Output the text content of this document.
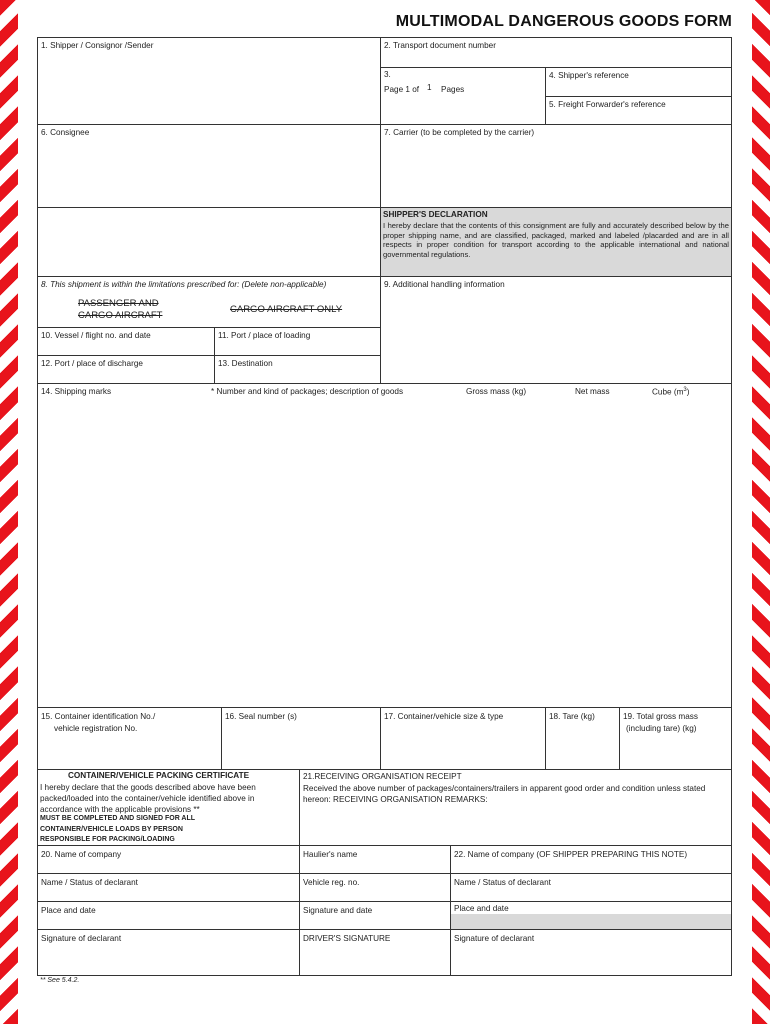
MULTIMODAL DANGEROUS GOODS FORM
1. Shipper / Consignor /Sender	2. Transport document number
3.
Page 1 of 1 Pages
4. Shipper's reference
5. Freight Forwarder's reference
6. Consignee	7. Carrier (to be completed by the carrier)
SHIPPER'S DECLARATION
I hereby declare that the contents of this consignment are fully and accurately described below by the proper shipping name, and are classified, packaged, marked and labeled /placarded and are in all respects in proper condition for transport according to the applicable international and national governmental regulations.
8. This shipment is within the limitations prescribed for: (Delete non-applicable)
PASSENGER AND
CARGO AIRCRAFT
CARGO AIRCRAFT ONLY
9. Additional handling information
10. Vessel / flight no. and date	11. Port / place of loading
12. Port / place of discharge	13. Destination
14. Shipping marks	* Number and kind of packages; description of goods	Gross mass (kg)	Net mass	Cube $(m^3)$
15. Container identification No./
vehicle registration No.
16. Seal number (s)	17. Container/vehicle size & type	18. Tare (kg)	19. Total gross mass
(including tare) (kg)
CONTAINER/VEHICLE PACKING CERTIFICATE
I hereby declare that the goods described above have been packed/loaded into the container/vehicle identified above in accordance with the applicable provisions **
MUST BE COMPLETED AND SIGNED FOR ALL CONTAINER/VEHICLE LOADS BY PERSON RESPONSIBLE FOR PACKING/LOADING
21.RECEIVING ORGANISATION RECEIPT
Received the above number of packages/containers/trailers in apparent good order and condition unless stated hereon: RECEIVING ORGANISATION REMARKS:
20. Name of company	Haulier's name	22. Name of company (OF SHIPPER PREPARING THIS NOTE)
Name / Status of declarant	Vehicle reg. no.	Name / Status of declarant
Place and date	Signature and date	Place and date
Signature of declarant	DRIVER'S SIGNATURE	Signature of declarant
** See 5.4.2.
